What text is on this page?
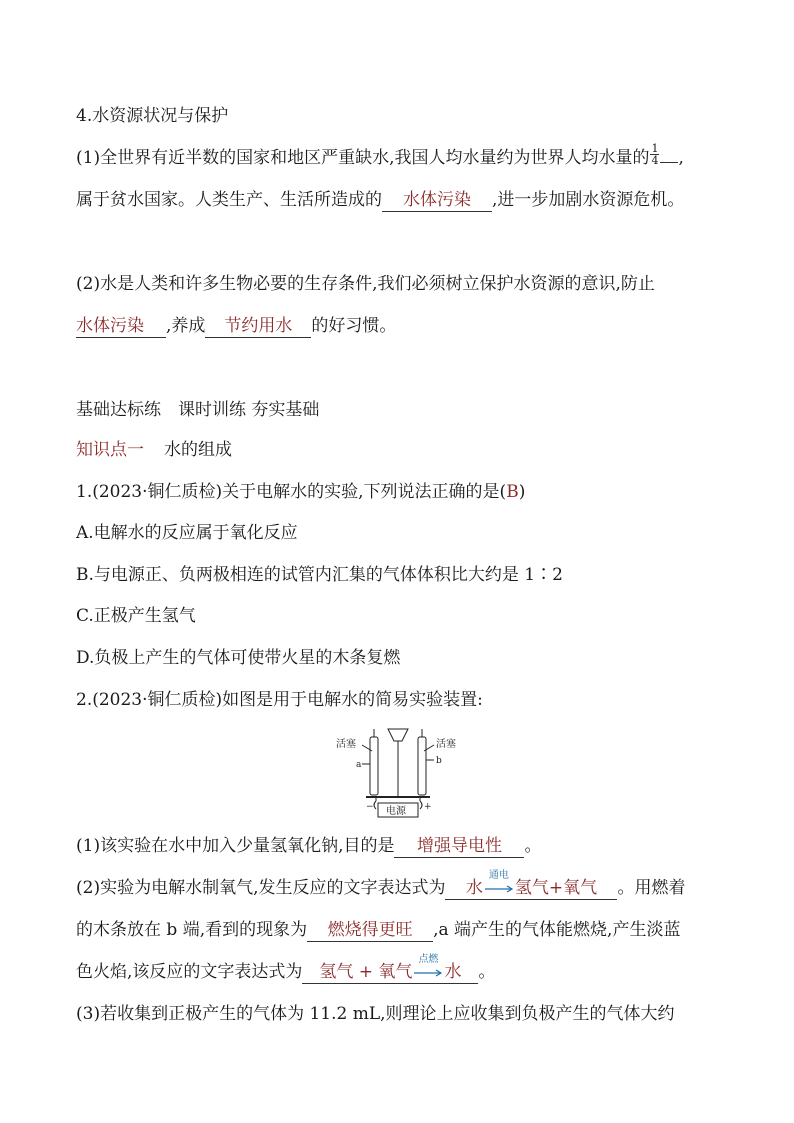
4.水资源状况与保护
(1)全世界有近半数的国家和地区严重缺水,我国人均水量约为世界人均水量的 $\frac{1}{4}$ ,
属于贫水国家。人类生产、生活所造成的 水体污染 ,进一步加剧水资源危机。
(2)水是人类和许多生物必要的生存条件,我们必须树立保护水资源的意识,防止
水体污染 ,养成 节约用水 的好习惯。
基础达标练　课时训练 夯实基础
知识点一 水的组成
1.(2023·铜仁质检)关于电解水的实验,下列说法正确的是(B)
A.电解水的反应属于氧化反应
B.与电源正、负两极相连的试管内汇集的气体体积比大约是 1∶2
C.正极产生氢气
D.负极上产生的气体可使带火星的木条复燃
2.(2023·铜仁质检)如图是用于电解水的简易实验装置:
活塞	活塞
a	b
电源
−	+
(1)该实验在水中加入少量氢氧化钠,目的是 增强导电性 。
(2)实验为电解水制氧气,发生反应的文字表达式为 水
通电
氢气+氧气 。用燃着
的木条放在 b 端,看到的现象为 燃烧得更旺 ,a 端产生的气体能燃烧,产生淡蓝
色火焰,该反应的文字表达式为 氢气 + 氧气
点燃
水 。
(3)若收集到正极产生的气体为 11.2 mL,则理论上应收集到负极产生的气体大约
